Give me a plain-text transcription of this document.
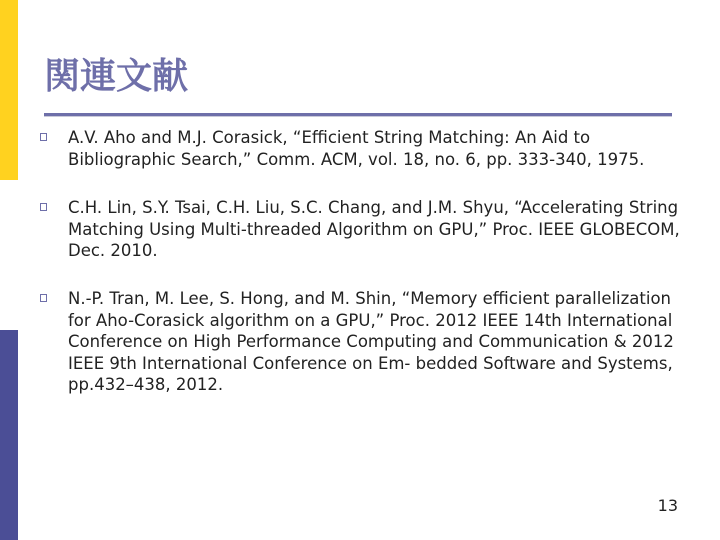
関連文献
A.V. Aho and M.J. Corasick, “Efficient String Matching: An Aid to Bibliographic Search,” Comm. ACM, vol. 18, no. 6, pp. 333-340, 1975.
C.H. Lin, S.Y. Tsai, C.H. Liu, S.C. Chang, and J.M. Shyu, “Accelerating String Matching Using Multi-threaded Algorithm on GPU,” Proc. IEEE GLOBECOM, Dec. 2010.
N.-P. Tran, M. Lee, S. Hong, and M. Shin, “Memory efficient parallelization for Aho-Corasick algorithm on a GPU,” Proc. 2012 IEEE 14th International Conference on High Performance Computing and Communication & 2012 IEEE 9th International Conference on Em- bedded Software and Systems, pp.432–438, 2012.
13
